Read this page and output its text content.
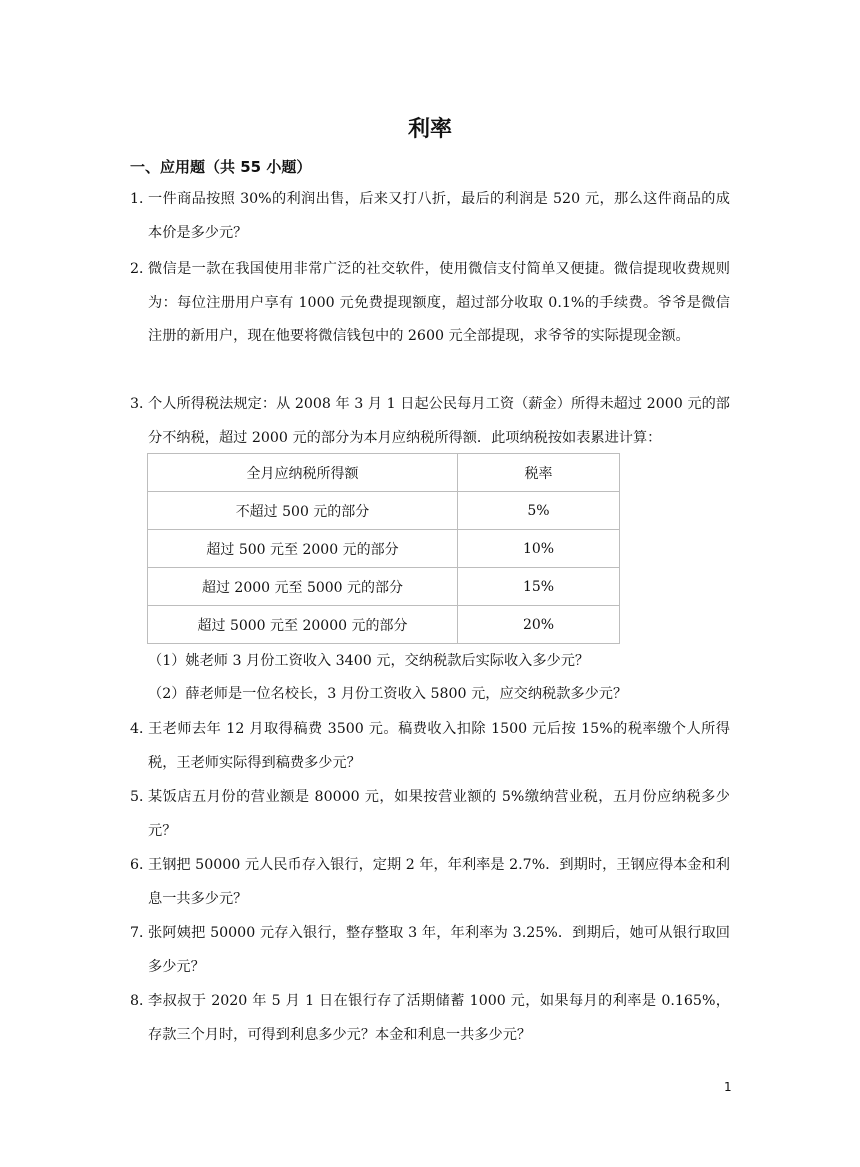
利率
一、应用题（共 55 小题）
1．
一件商品按照 30%的利润出售，后来又打八折，最后的利润是 520 元，那么这件商品的成本价是多少元？
2．
微信是一款在我国使用非常广泛的社交软件，使用微信支付简单又便捷。微信提现收费规则为：每位注册用户享有 1000 元免费提现额度，超过部分收取 0.1%的手续费。爷爷是微信注册的新用户，现在他要将微信钱包中的 2600 元全部提现，求爷爷的实际提现金额。
3．
个人所得税法规定：从 2008 年 3 月 1 日起公民每月工资（薪金）所得未超过 2000 元的部分不纳税，超过 2000 元的部分为本月应纳税所得额．此项纳税按如表累进计算：
全月应纳税所得额	税率
不超过 500 元的部分	5%
超过 500 元至 2000 元的部分	10%
超过 2000 元至 5000 元的部分	15%
超过 5000 元至 20000 元的部分	20%
（1）姚老师 3 月份工资收入 3400 元，交纳税款后实际收入多少元？
（2）薛老师是一位名校长，3 月份工资收入 5800 元，应交纳税款多少元？
4．
王老师去年 12 月取得稿费 3500 元。稿费收入扣除 1500 元后按 15%的税率缴个人所得税，王老师实际得到稿费多少元？
5．
某饭店五月份的营业额是 80000 元，如果按营业额的 5%缴纳营业税，五月份应纳税多少元？
6．
王钢把 50000 元人民币存入银行，定期 2 年，年利率是 2.7%．到期时，王钢应得本金和利息一共多少元？
7．
张阿姨把 50000 元存入银行，整存整取 3 年，年利率为 3.25%．到期后，她可从银行取回多少元？
8．
李叔叔于 2020 年 5 月 1 日在银行存了活期储蓄 1000 元，如果每月的利率是 0.165%，存款三个月时，可得到利息多少元？本金和利息一共多少元？
1
